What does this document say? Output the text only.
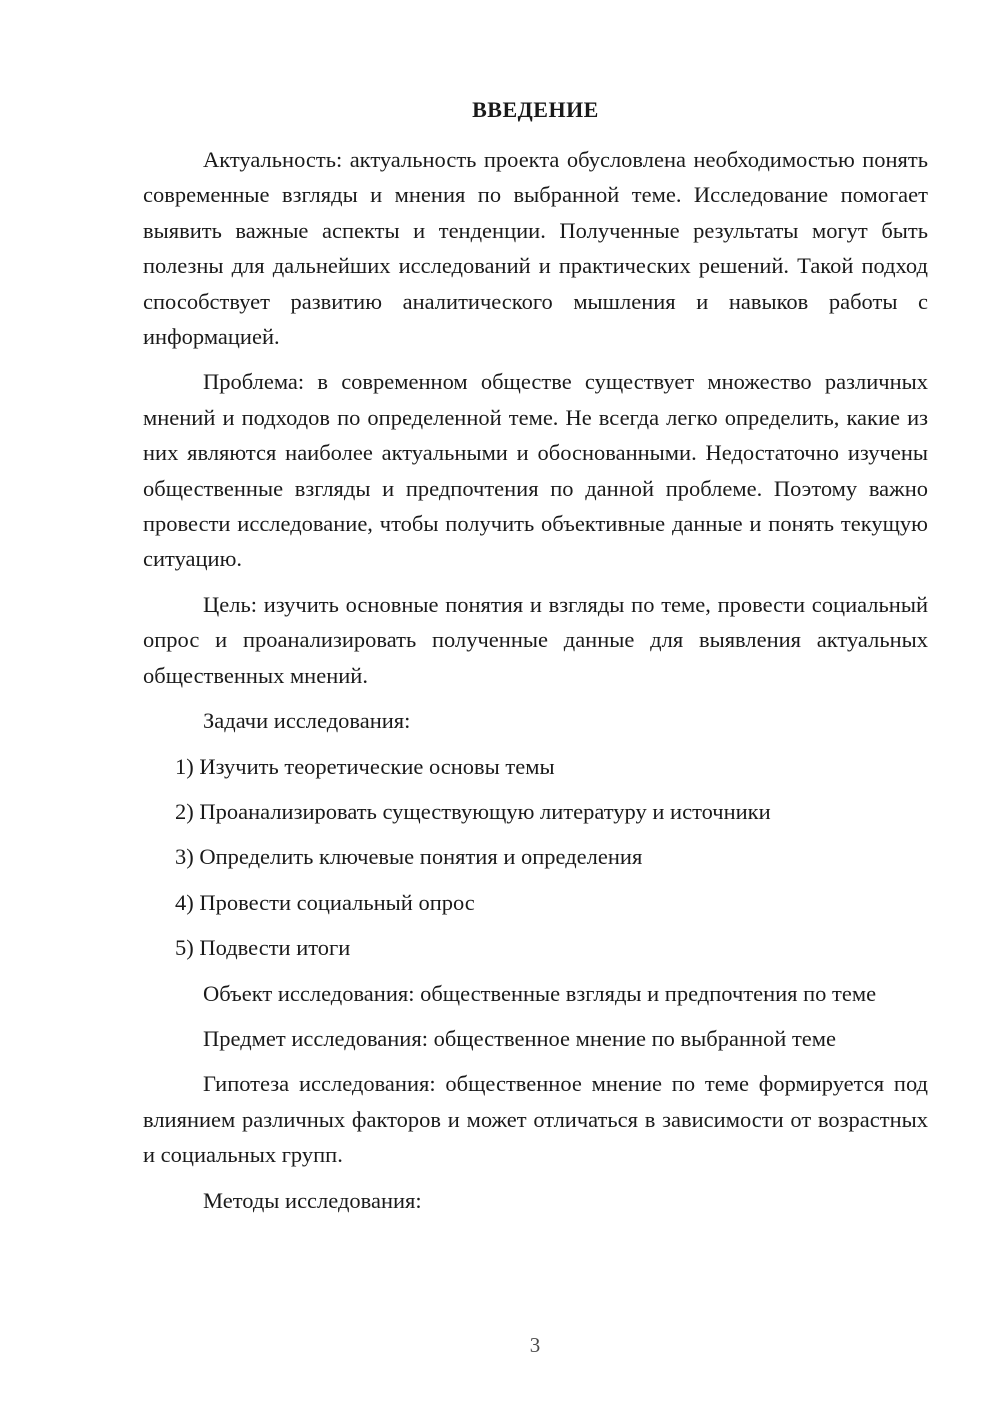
ВВЕДЕНИЕ

Актуальность: актуальность проекта обусловлена необходимостью понять современные взгляды и мнения по выбранной теме. Исследование помогает выявить важные аспекты и тенденции. Полученные результаты могут быть полезны для дальнейших исследований и практических решений. Такой подход способствует развитию аналитического мышления и навыков работы с информацией.

Проблема: в современном обществе существует множество различных мнений и подходов по определенной теме. Не всегда легко определить, какие из них являются наиболее актуальными и обоснованными. Недостаточно изучены общественные взгляды и предпочтения по данной проблеме. Поэтому важно провести исследование, чтобы получить объективные данные и понять текущую ситуацию.

Цель: изучить основные понятия и взгляды по теме, провести социальный опрос и проанализировать полученные данные для выявления актуальных общественных мнений.

Задачи исследования:

1) Изучить теоретические основы темы
2) Проанализировать существующую литературу и источники
3) Определить ключевые понятия и определения
4) Провести социальный опрос
5) Подвести итоги

Объект исследования: общественные взгляды и предпочтения по теме

Предмет исследования: общественное мнение по выбранной теме

Гипотеза исследования: общественное мнение по теме формируется под влиянием различных факторов и может отличаться в зависимости от возрастных и социальных групп.

Методы исследования:

3
